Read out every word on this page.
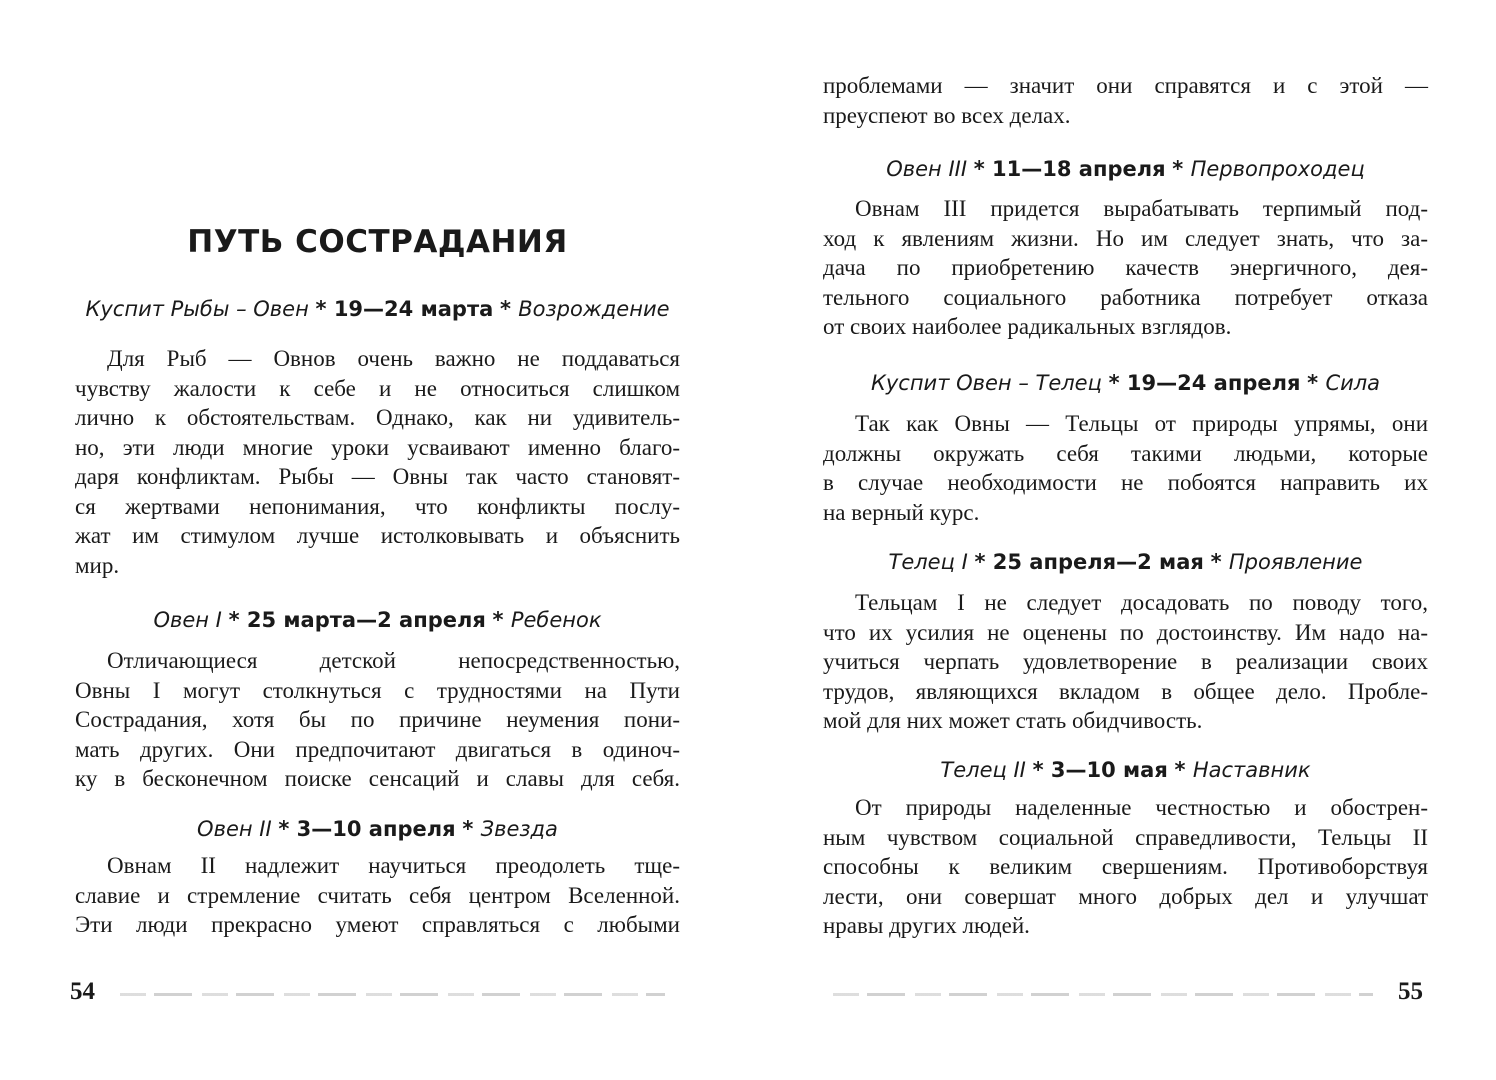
ПУТЬ СОСТРАДАНИЯ
Куспит Рыбы – Овен * 19—24 марта * Возрождение
Для Рыб — Овнов очень важно не поддаваться
чувству жалости к себе и не относиться слишком
лично к обстоятельствам. Однако, как ни удивитель-
но, эти люди многие уроки усваивают именно благо-
даря конфликтам. Рыбы — Овны так часто становят-
ся жертвами непонимания, что конфликты послу-
жат им стимулом лучше истолковывать и объяснить
мир.
Овен I * 25 марта—2 апреля * Ребенок
Отличающиеся детской непосредственностью,
Овны I могут столкнуться с трудностями на Пути
Сострадания, хотя бы по причине неумения пони-
мать других. Они предпочитают двигаться в одиноч-
ку в бесконечном поиске сенсаций и славы для себя.
Овен II * 3—10 апреля * Звезда
Овнам II надлежит научиться преодолеть тще-
славие и стремление считать себя центром Вселенной.
Эти люди прекрасно умеют справляться с любыми
54
проблемами — значит они справятся и с этой —
преуспеют во всех делах.
Овен III * 11—18 апреля * Первопроходец
Овнам III придется вырабатывать терпимый под-
ход к явлениям жизни. Но им следует знать, что за-
дача по приобретению качеств энергичного, дея-
тельного социального работника потребует отказа
от своих наиболее радикальных взглядов.
Куспит Овен – Телец * 19—24 апреля * Сила
Так как Овны — Тельцы от природы упрямы, они
должны окружать себя такими людьми, которые
в случае необходимости не побоятся направить их
на верный курс.
Телец I * 25 апреля—2 мая * Проявление
Тельцам I не следует досадовать по поводу того,
что их усилия не оценены по достоинству. Им надо на-
учиться черпать удовлетворение в реализации своих
трудов, являющихся вкладом в общее дело. Пробле-
мой для них может стать обидчивость.
Телец II * 3—10 мая * Наставник
От природы наделенные честностью и обострен-
ным чувством социальной справедливости, Тельцы II
способны к великим свершениям. Противоборствуя
лести, они совершат много добрых дел и улучшат
нравы других людей.
55
